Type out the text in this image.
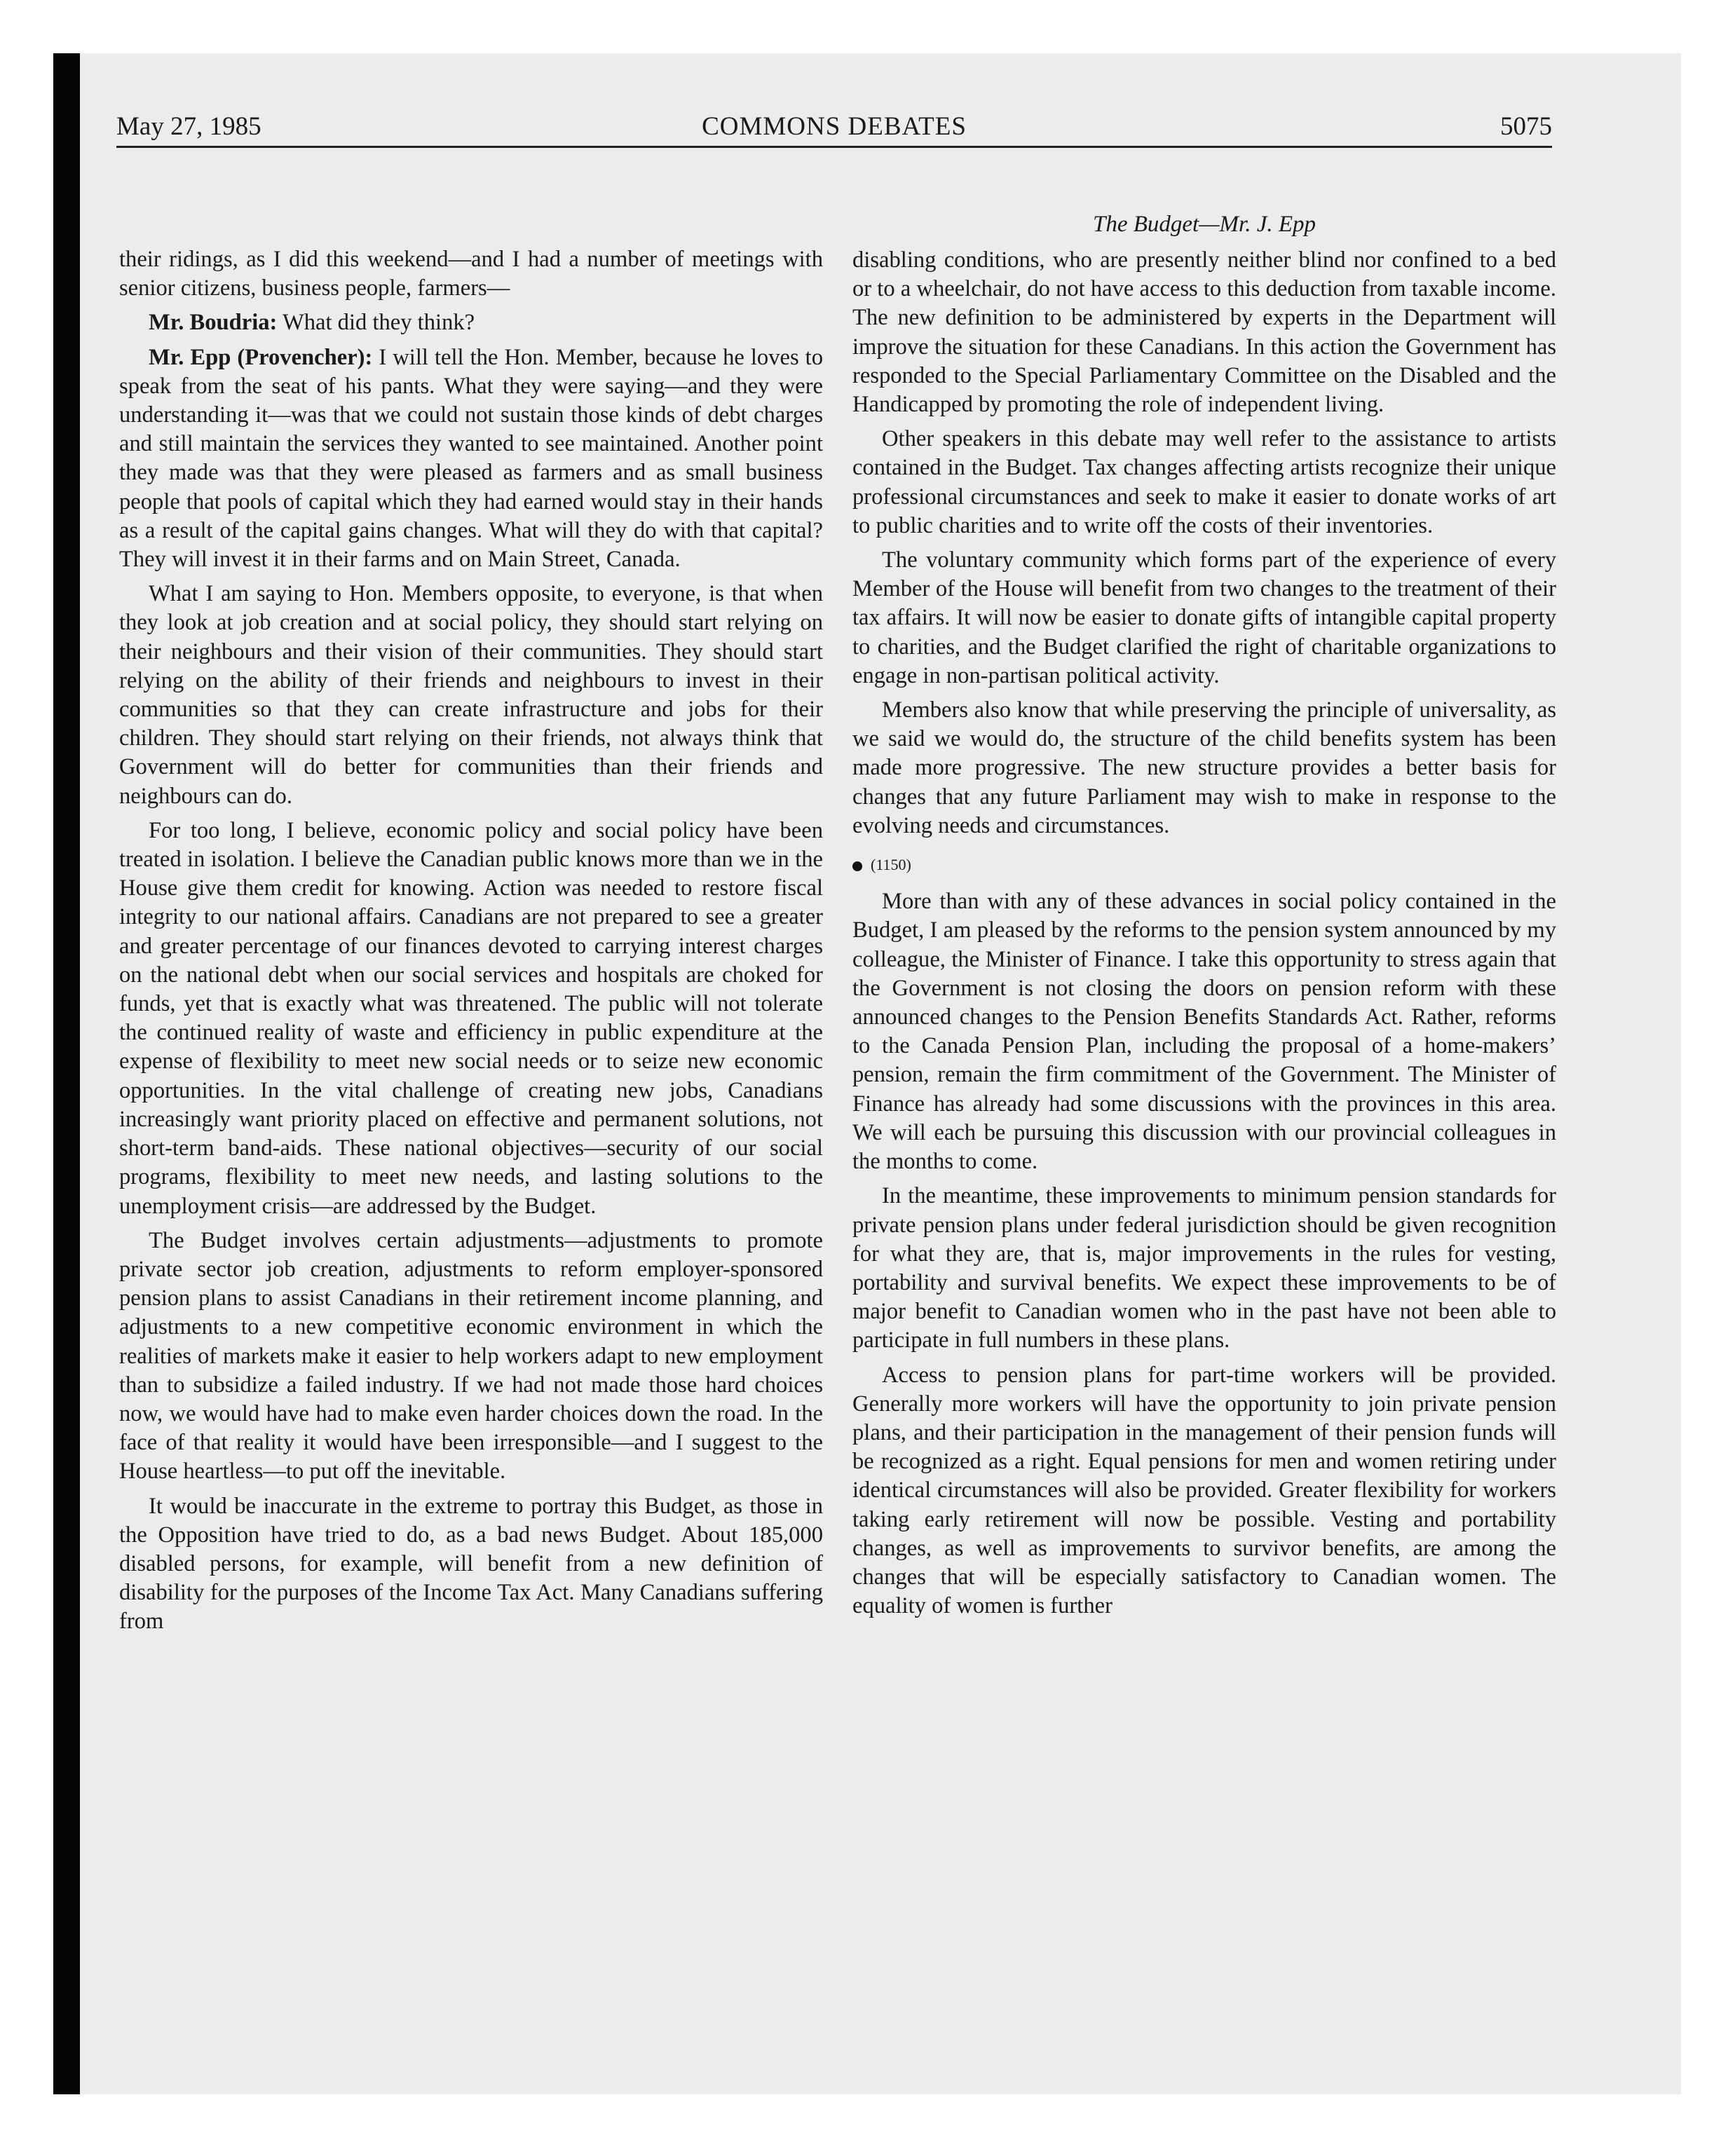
May 27, 1985	COMMONS DEBATES	5075
The Budget—Mr. J. Epp

their ridings, as I did this weekend—and I had a number of meetings with senior citizens, business people, farmers—

Mr. Boudria: What did they think?

Mr. Epp (Provencher): I will tell the Hon. Member, because he loves to speak from the seat of his pants. What they were saying—and they were understanding it—was that we could not sustain those kinds of debt charges and still maintain the services they wanted to see maintained. Another point they made was that they were pleased as farmers and as small business people that pools of capital which they had earned would stay in their hands as a result of the capital gains changes. What will they do with that capital? They will invest it in their farms and on Main Street, Canada.

What I am saying to Hon. Members opposite, to everyone, is that when they look at job creation and at social policy, they should start relying on their neighbours and their vision of their communities. They should start relying on the ability of their friends and neighbours to invest in their communities so that they can create infrastructure and jobs for their children. They should start relying on their friends, not always think that Government will do better for communities than their friends and neighbours can do.

For too long, I believe, economic policy and social policy have been treated in isolation. I believe the Canadian public knows more than we in the House give them credit for knowing. Action was needed to restore fiscal integrity to our national affairs. Canadians are not prepared to see a greater and greater percentage of our finances devoted to carrying interest charges on the national debt when our social services and hospitals are choked for funds, yet that is exactly what was threatened. The public will not tolerate the continued reality of waste and efficiency in public expenditure at the expense of flexibility to meet new social needs or to seize new economic opportunities. In the vital challenge of creating new jobs, Canadians increasingly want priority placed on effective and permanent solutions, not short-term band-aids. These national objectives—security of our social programs, flexibility to meet new needs, and lasting solutions to the unemployment crisis—are addressed by the Budget.

The Budget involves certain adjustments—adjustments to promote private sector job creation, adjustments to reform employer-sponsored pension plans to assist Canadians in their retirement income planning, and adjustments to a new competitive economic environment in which the realities of markets make it easier to help workers adapt to new employment than to subsidize a failed industry. If we had not made those hard choices now, we would have had to make even harder choices down the road. In the face of that reality it would have been irresponsible—and I suggest to the House heartless—to put off the inevitable.

It would be inaccurate in the extreme to portray this Budget, as those in the Opposition have tried to do, as a bad news Budget. About 185,000 disabled persons, for example, will benefit from a new definition of disability for the purposes of the Income Tax Act. Many Canadians suffering from

disabling conditions, who are presently neither blind nor confined to a bed or to a wheelchair, do not have access to this deduction from taxable income. The new definition to be administered by experts in the Department will improve the situation for these Canadians. In this action the Government has responded to the Special Parliamentary Committee on the Disabled and the Handicapped by promoting the role of independent living.

Other speakers in this debate may well refer to the assistance to artists contained in the Budget. Tax changes affecting artists recognize their unique professional circumstances and seek to make it easier to donate works of art to public charities and to write off the costs of their inventories.

The voluntary community which forms part of the experience of every Member of the House will benefit from two changes to the treatment of their tax affairs. It will now be easier to donate gifts of intangible capital property to charities, and the Budget clarified the right of charitable organizations to engage in non-partisan political activity.

Members also know that while preserving the principle of universality, as we said we would do, the structure of the child benefits system has been made more progressive. The new structure provides a better basis for changes that any future Parliament may wish to make in response to the evolving needs and circumstances.

(1150)

More than with any of these advances in social policy contained in the Budget, I am pleased by the reforms to the pension system announced by my colleague, the Minister of Finance. I take this opportunity to stress again that the Government is not closing the doors on pension reform with these announced changes to the Pension Benefits Standards Act. Rather, reforms to the Canada Pension Plan, including the proposal of a home-makers’ pension, remain the firm commitment of the Government. The Minister of Finance has already had some discussions with the provinces in this area. We will each be pursuing this discussion with our provincial colleagues in the months to come.

In the meantime, these improvements to minimum pension standards for private pension plans under federal jurisdiction should be given recognition for what they are, that is, major improvements in the rules for vesting, portability and survival benefits. We expect these improvements to be of major benefit to Canadian women who in the past have not been able to participate in full numbers in these plans.

Access to pension plans for part-time workers will be provided. Generally more workers will have the opportunity to join private pension plans, and their participation in the management of their pension funds will be recognized as a right. Equal pensions for men and women retiring under identical circumstances will also be provided. Greater flexibility for workers taking early retirement will now be possible. Vesting and portability changes, as well as improvements to survivor benefits, are among the changes that will be especially satisfactory to Canadian women. The equality of women is further
